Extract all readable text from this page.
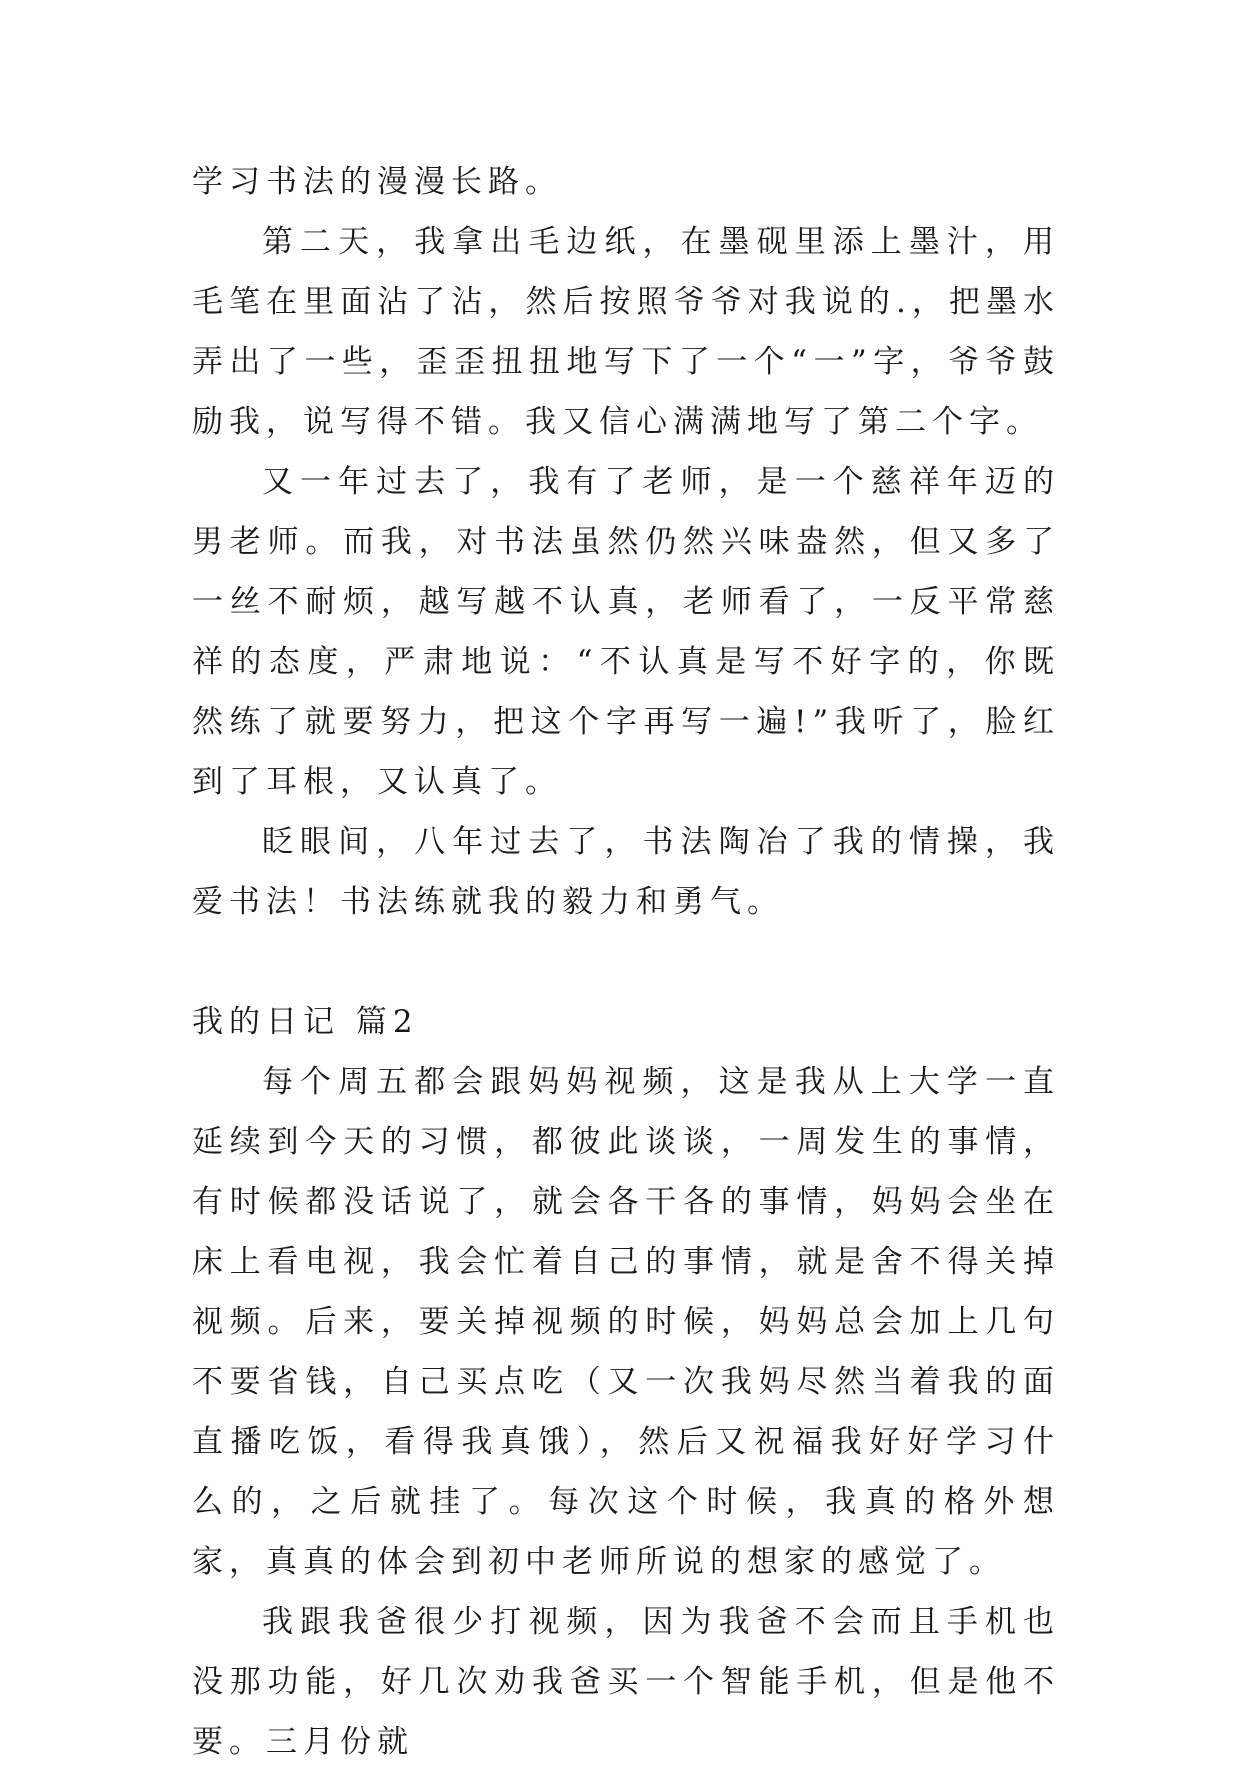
学习书法的漫漫长路。

第二天，我拿出毛边纸，在墨砚里添上墨汁，用毛笔在里面沾了沾，然后按照爷爷对我说的.，把墨水弄出了一些，歪歪扭扭地写下了一个“一”字，爷爷鼓励我，说写得不错。我又信心满满地写了第二个字。

又一年过去了，我有了老师，是一个慈祥年迈的男老师。而我，对书法虽然仍然兴味盎然，但又多了一丝不耐烦，越写越不认真，老师看了，一反平常慈祥的态度，严肃地说：“不认真是写不好字的，你既然练了就要努力，把这个字再写一遍!”我听了，脸红到了耳根，又认真了。

眨眼间，八年过去了，书法陶冶了我的情操，我爱书法！书法练就我的毅力和勇气。

我的日记 篇2

每个周五都会跟妈妈视频，这是我从上大学一直延续到今天的习惯，都彼此谈谈，一周发生的事情，有时候都没话说了，就会各干各的事情，妈妈会坐在床上看电视，我会忙着自己的事情，就是舍不得关掉视频。后来，要关掉视频的时候，妈妈总会加上几句不要省钱，自己买点吃（又一次我妈尽然当着我的面直播吃饭，看得我真饿），然后又祝福我好好学习什么的，之后就挂了。每次这个时候，我真的格外想家，真真的体会到初中老师所说的想家的感觉了。

我跟我爸很少打视频，因为我爸不会而且手机也没那功能，好几次劝我爸买一个智能手机，但是他不要。三月份就
